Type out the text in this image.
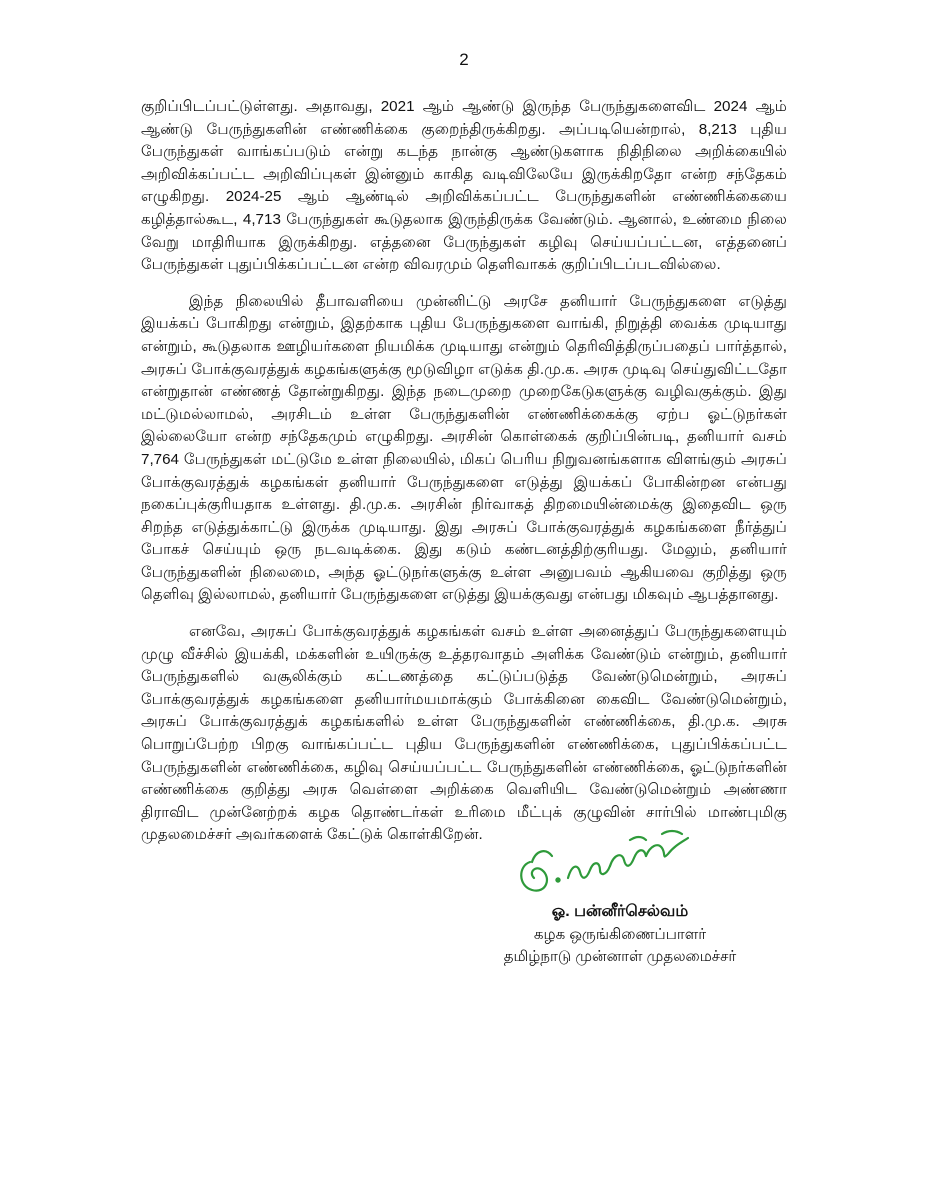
2

குறிப்பிடப்பட்டுள்ளது. அதாவது, 2021 ஆம் ஆண்டு இருந்த பேருந்துகளைவிட 2024 ஆம் ஆண்டு பேருந்துகளின் எண்ணிக்கை குறைந்திருக்கிறது. அப்படியென்றால், 8,213 புதிய பேருந்துகள் வாங்கப்படும் என்று கடந்த நான்கு ஆண்டுகளாக நிதிநிலை அறிக்கையில் அறிவிக்கப்பட்ட அறிவிப்புகள் இன்னும் காகித வடிவிலேயே இருக்கிறதோ என்ற சந்தேகம் எழுகிறது. 2024-25 ஆம் ஆண்டில் அறிவிக்கப்பட்ட பேருந்துகளின் எண்ணிக்கையை கழித்தால்கூட, 4,713 பேருந்துகள் கூடுதலாக இருந்திருக்க வேண்டும். ஆனால், உண்மை நிலை வேறு மாதிரியாக இருக்கிறது. எத்தனை பேருந்துகள் கழிவு செய்யப்பட்டன, எத்தனைப் பேருந்துகள் புதுப்பிக்கப்பட்டன என்ற விவரமும் தெளிவாகக் குறிப்பிடப்படவில்லை.

இந்த நிலையில் தீபாவளியை முன்னிட்டு அரசே தனியார் பேருந்துகளை எடுத்து இயக்கப் போகிறது என்றும், இதற்காக புதிய பேருந்துகளை வாங்கி, நிறுத்தி வைக்க முடியாது என்றும், கூடுதலாக ஊழியர்களை நியமிக்க முடியாது என்றும் தெரிவித்திருப்பதைப் பார்த்தால், அரசுப் போக்குவரத்துக் கழகங்களுக்கு மூடுவிழா எடுக்க தி.மு.க. அரசு முடிவு செய்துவிட்டதோ என்றுதான் எண்ணத் தோன்றுகிறது. இந்த நடைமுறை முறைகேடுகளுக்கு வழிவகுக்கும். இது மட்டுமல்லாமல், அரசிடம் உள்ள பேருந்துகளின் எண்ணிக்கைக்கு ஏற்ப ஓட்டுநர்கள் இல்லையோ என்ற சந்தேகமும் எழுகிறது. அரசின் கொள்கைக் குறிப்பின்படி, தனியார் வசம் 7,764 பேருந்துகள் மட்டுமே உள்ள நிலையில், மிகப் பெரிய நிறுவனங்களாக விளங்கும் அரசுப் போக்குவரத்துக் கழகங்கள் தனியார் பேருந்துகளை எடுத்து இயக்கப் போகின்றன என்பது நகைப்புக்குரியதாக உள்ளது. தி.மு.க. அரசின் நிர்வாகத் திறமையின்மைக்கு இதைவிட ஒரு சிறந்த எடுத்துக்காட்டு இருக்க முடியாது. இது அரசுப் போக்குவரத்துக் கழகங்களை நீர்த்துப் போகச் செய்யும் ஒரு நடவடிக்கை. இது கடும் கண்டனத்திற்குரியது. மேலும், தனியார் பேருந்துகளின் நிலைமை, அந்த ஓட்டுநர்களுக்கு உள்ள அனுபவம் ஆகியவை குறித்து ஒரு தெளிவு இல்லாமல், தனியார் பேருந்துகளை எடுத்து இயக்குவது என்பது மிகவும் ஆபத்தானது.

எனவே, அரசுப் போக்குவரத்துக் கழகங்கள் வசம் உள்ள அனைத்துப் பேருந்துகளையும் முழு வீச்சில் இயக்கி, மக்களின் உயிருக்கு உத்தரவாதம் அளிக்க வேண்டும் என்றும், தனியார் பேருந்துகளில் வசூலிக்கும் கட்டணத்தை கட்டுப்படுத்த வேண்டுமென்றும், அரசுப் போக்குவரத்துக் கழகங்களை தனியார்மயமாக்கும் போக்கினை கைவிட வேண்டுமென்றும், அரசுப் போக்குவரத்துக் கழகங்களில் உள்ள பேருந்துகளின் எண்ணிக்கை, தி.மு.க. அரசு பொறுப்பேற்ற பிறகு வாங்கப்பட்ட புதிய பேருந்துகளின் எண்ணிக்கை, புதுப்பிக்கப்பட்ட பேருந்துகளின் எண்ணிக்கை, கழிவு செய்யப்பட்ட பேருந்துகளின் எண்ணிக்கை, ஓட்டுநர்களின் எண்ணிக்கை குறித்து அரசு வெள்ளை அறிக்கை வெளியிட வேண்டுமென்றும் அண்ணா திராவிட முன்னேற்றக் கழக தொண்டர்கள் உரிமை மீட்புக் குழுவின் சார்பில் மாண்புமிகு முதலமைச்சர் அவர்களைக் கேட்டுக் கொள்கிறேன்.

ஓ. பன்னீர்செல்வம்
கழக ஒருங்கிணைப்பாளர்
தமிழ்நாடு முன்னாள் முதலமைச்சர்
